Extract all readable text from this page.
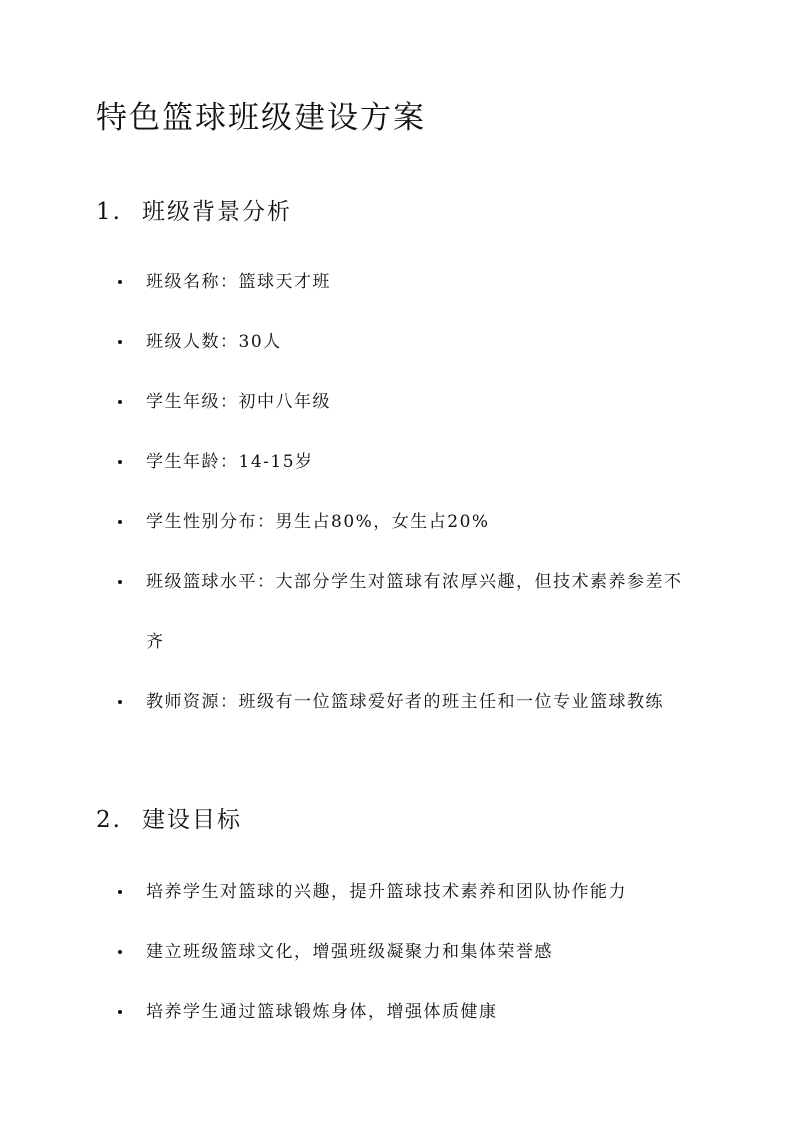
特色篮球班级建设方案
1. 班级背景分析
班级名称：篮球天才班
班级人数：30人
学生年级：初中八年级
学生年龄：14-15岁
学生性别分布：男生占80%，女生占20%
班级篮球水平：大部分学生对篮球有浓厚兴趣，但技术素养参差不齐
教师资源：班级有一位篮球爱好者的班主任和一位专业篮球教练
2. 建设目标
培养学生对篮球的兴趣，提升篮球技术素养和团队协作能力
建立班级篮球文化，增强班级凝聚力和集体荣誉感
培养学生通过篮球锻炼身体，增强体质健康
